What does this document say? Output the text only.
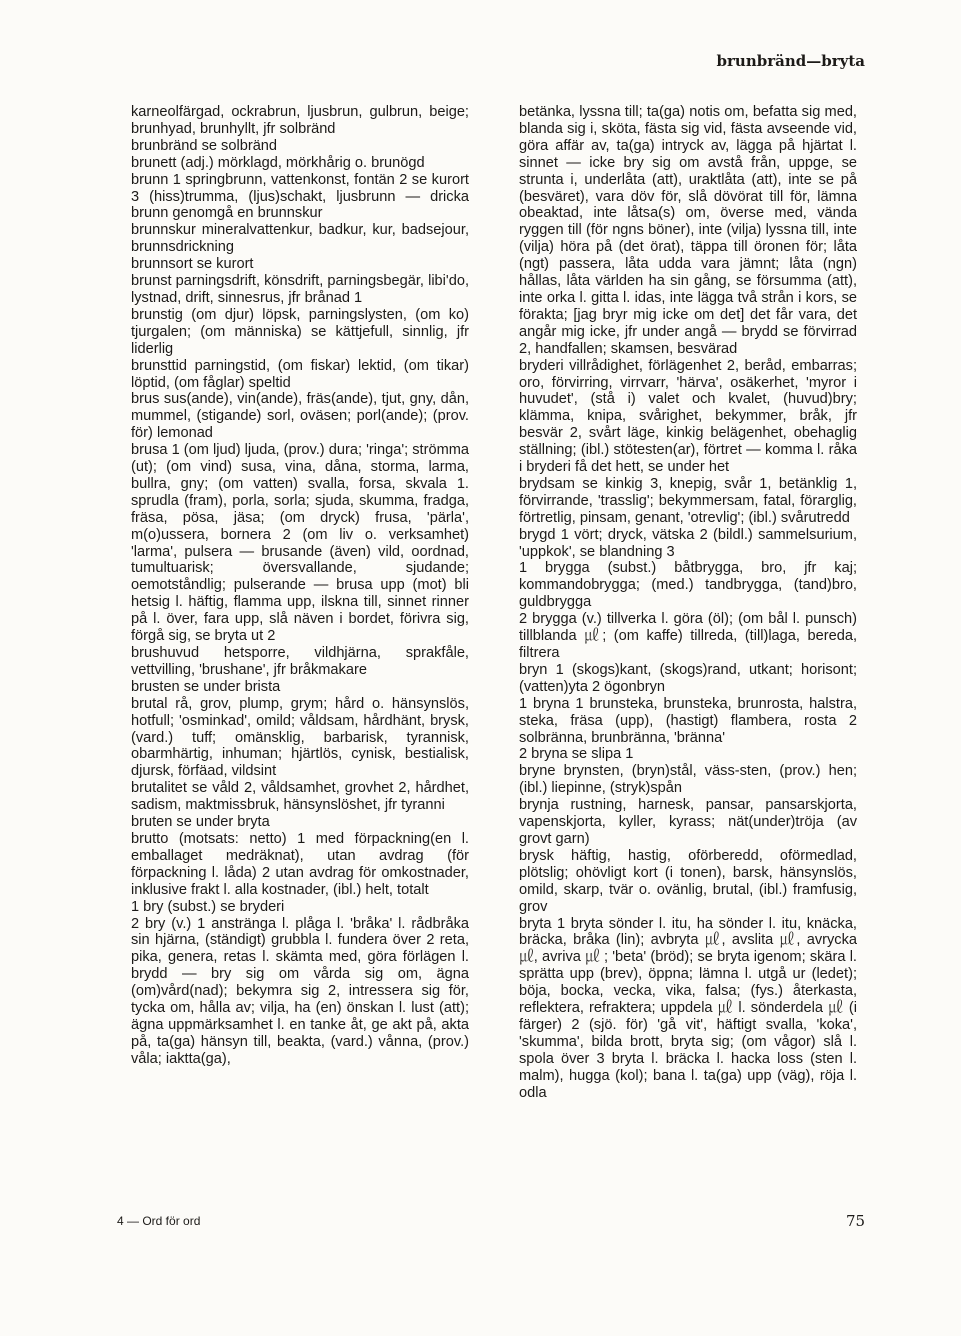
brunbränd—bryta

karneolfärgad, ockrabrun, ljusbrun, gulbrun, beige; brunhyad, brunhyllt, jfr solbränd

brunbränd se solbränd

brunett (adj.) mörklagd, mörkhårig o. brunögd

brunn 1 springbrunn, vattenkonst, fontän 2 se kurort 3 (hiss)trumma, (ljus)schakt, ljusbrunn — dricka brunn genomgå en brunnskur

brunnskur mineralvattenkur, badkur, kur, badsejour, brunnsdrickning

brunnsort se kurort

brunst parningsdrift, könsdrift, parningsbegär, libi'do, lystnad, drift, sinnesrus, jfr brånad 1

brunstig (om djur) löpsk, parningslysten, (om ko) tjurgalen; (om människa) se kättjefull, sinnlig, jfr liderlig

brunsttid parningstid, (om fiskar) lektid, (om tikar) löptid, (om fåglar) speltid

brus sus(ande), vin(ande), fräs(ande), tjut, gny, dån, mummel, (stigande) sorl, oväsen; porl(ande); (prov. för) lemonad

brusa 1 (om ljud) ljuda, (prov.) dura; 'ringa'; strömma (ut); (om vind) susa, vina, dåna, storma, larma, bullra, gny; (om vatten) svalla, forsa, skvala 1. sprudla (fram), porla, sorla; sjuda, skumma, fradga, fräsa, pösa, jäsa; (om dryck) frusa, 'pärla', m(o)ussera, bornera 2 (om liv o. verksamhet) 'larma', pulsera — brusande (även) vild, oordnad, tumultuarisk; översvallande, sjudande; oemotståndlig; pulserande — brusa upp (mot) bli hetsig l. häftig, flamma upp, ilskna till, sinnet rinner på l. över, fara upp, slå näven i bordet, förivra sig, förgå sig, se bryta ut 2

brushuvud hetsporre, vildhjärna, sprakfåle, vettvilling, 'brushane', jfr bråkmakare

brusten se under brista

brutal rå, grov, plump, grym; hård o. hänsynslös, hotfull; 'osminkad', omild; våldsam, hårdhänt, brysk, (vard.) tuff; omänsklig, barbarisk, tyrannisk, obarmhärtig, inhuman; hjärtlös, cynisk, bestialisk, djursk, förfäad, vildsint

brutalitet se våld 2, våldsamhet, grovhet 2, hårdhet, sadism, maktmissbruk, hänsynslöshet, jfr tyranni

bruten se under bryta

brutto (motsats: netto) 1 med förpackning(en l. emballaget medräknat), utan avdrag (för förpackning l. låda) 2 utan avdrag för omkostnader, inklusive frakt l. alla kostnader, (ibl.) helt, totalt

1 bry (subst.) se bryderi

2 bry (v.) 1 anstränga l. plåga l. 'bråka' l. rådbråka sin hjärna, (ständigt) grubbla l. fundera över 2 reta, pika, genera, retas l. skämta med, göra förlägen l. brydd — bry sig om vårda sig om, ägna (om)vård(nad); bekymra sig 2, intressera sig för, tycka om, hålla av; vilja, ha (en) önskan l. lust (att); ägna uppmärksamhet l. en tanke åt, ge akt på, akta på, ta(ga) hänsyn till, beakta, (vard.) vånna, (prov.) våla; iaktta(ga),

betänka, lyssna till; ta(ga) notis om, befatta sig med, blanda sig i, sköta, fästa sig vid, fästa avseende vid, göra affär av, ta(ga) intryck av, lägga på hjärtat l. sinnet — icke bry sig om avstå från, uppge, se strunta i, underlåta (att), uraktlåta (att), inte se på (besväret), vara döv för, slå dövörat till för, lämna obeaktad, inte låtsa(s) om, överse med, vända ryggen till (för ngns böner), inte (vilja) lyssna till, inte (vilja) höra på (det örat), täppa till öronen för; låta (ngt) passera, låta udda vara jämnt; låta (ngn) hållas, låta världen ha sin gång, se försumma (att), inte orka l. gitta l. idas, inte lägga två strån i kors, se förakta; [jag bryr mig icke om det] det får vara, det angår mig icke, jfr under angå — brydd se förvirrad 2, handfallen; skamsen, besvärad

bryderi villrådighet, förlägenhet 2, beråd, embarras; oro, förvirring, virrvarr, 'härva', osäkerhet, 'myror i huvudet', (stå i) valet och kvalet, (huvud)bry; klämma, knipa, svårighet, bekymmer, bråk, jfr besvär 2, svårt läge, kinkig belägenhet, obehaglig ställning; (ibl.) stötesten(ar), förtret — komma l. råka i bryderi få det hett, se under het

brydsam se kinkig 3, knepig, svår 1, betänklig 1, förvirrande, 'trasslig'; bekymmersam, fatal, förarglig, förtretlig, pinsam, genant, 'otrevlig'; (ibl.) svårutredd

brygd 1 vört; dryck, vätska 2 (bildl.) sammelsurium, 'uppkok', se blandning 3

1 brygga (subst.) båtbrygga, bro, jfr kaj; kommandobrygga; (med.) tandbrygga, (tand)bro, guldbrygga

2 brygga (v.) tillverka l. göra (öl); (om bål l. punsch) tillblanda ㎕; (om kaffe) tillreda, (till)laga, bereda, filtrera

bryn 1 (skogs)kant, (skogs)rand, utkant; horisont; (vatten)yta 2 ögonbryn

1 bryna 1 brunsteka, brunsteka, brunrosta, halstra, steka, fräsa (upp), (hastigt) flambera, rosta 2 solbränna, brunbränna, 'bränna'

2 bryna se slipa 1

bryne brynsten, (bryn)stål, väss-sten, (prov.) hen; (ibl.) liepinne, (stryk)spån

brynja rustning, harnesk, pansar, pansarskjorta, vapenskjorta, kyller, kyrass; nät(under)tröja (av grovt garn)

brysk häftig, hastig, oförberedd, oförmedlad, plötslig; ohövligt kort (i tonen), barsk, hänsynslös, omild, skarp, tvär o. ovänlig, brutal, (ibl.) framfusig, grov

bryta 1 bryta sönder l. itu, ha sönder l. itu, knäcka, bräcka, bråka (lin); avbryta ㎕, avslita ㎕, avrycka ㎕, avriva ㎕ ; 'beta' (bröd); se bryta igenom; skära l. sprätta upp (brev), öppna; lämna l. utgå ur (ledet); böja, bocka, vecka, vika, falsa; (fys.) återkasta, reflektera, refraktera; uppdela ㎕ l. sönderdela ㎕ (i färger) 2 (sjö. för) 'gå vit', häftigt svalla, 'koka', 'skumma', bilda brott, bryta sig; (om vågor) slå l. spola över 3 bryta l. bräcka l. hacka loss (sten l. malm), hugga (kol); bana l. ta(ga) upp (väg), röja l. odla

4 — Ord för ord	75
